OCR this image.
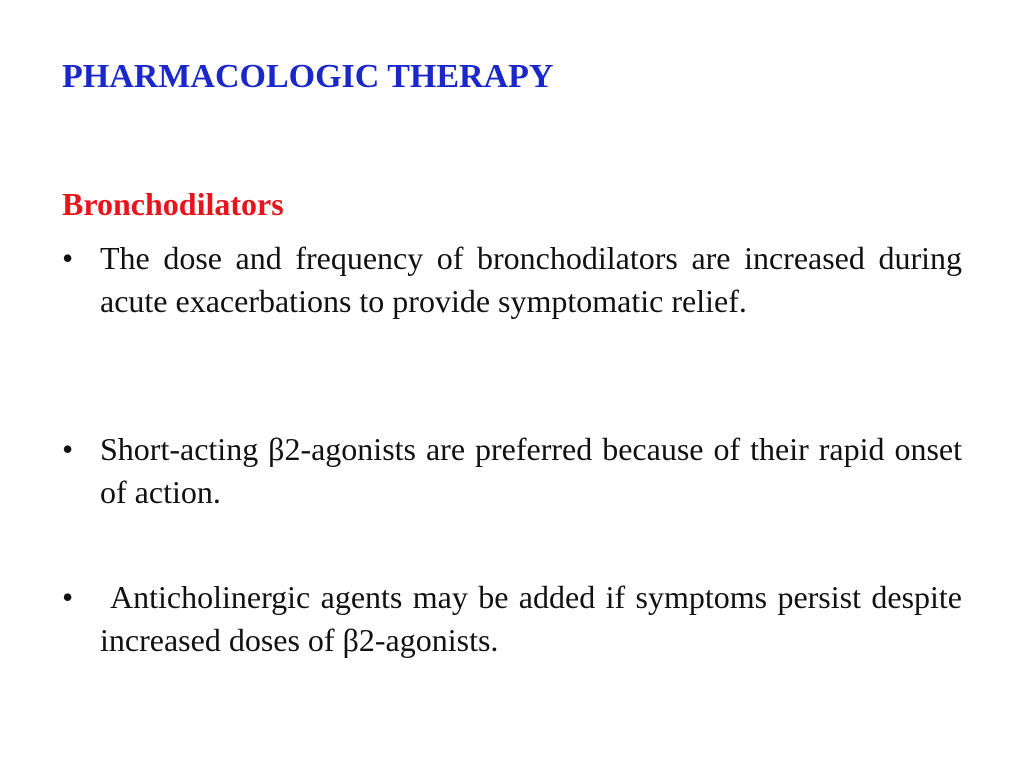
PHARMACOLOGIC THERAPY
Bronchodilators
• The dose and frequency of bronchodilators are increased during acute exacerbations to provide symptomatic relief.
• Short-acting β2-agonists are preferred because of their rapid onset of action.
•	Anticholinergic agents may be added if symptoms persist despite increased doses of β2-agonists.
